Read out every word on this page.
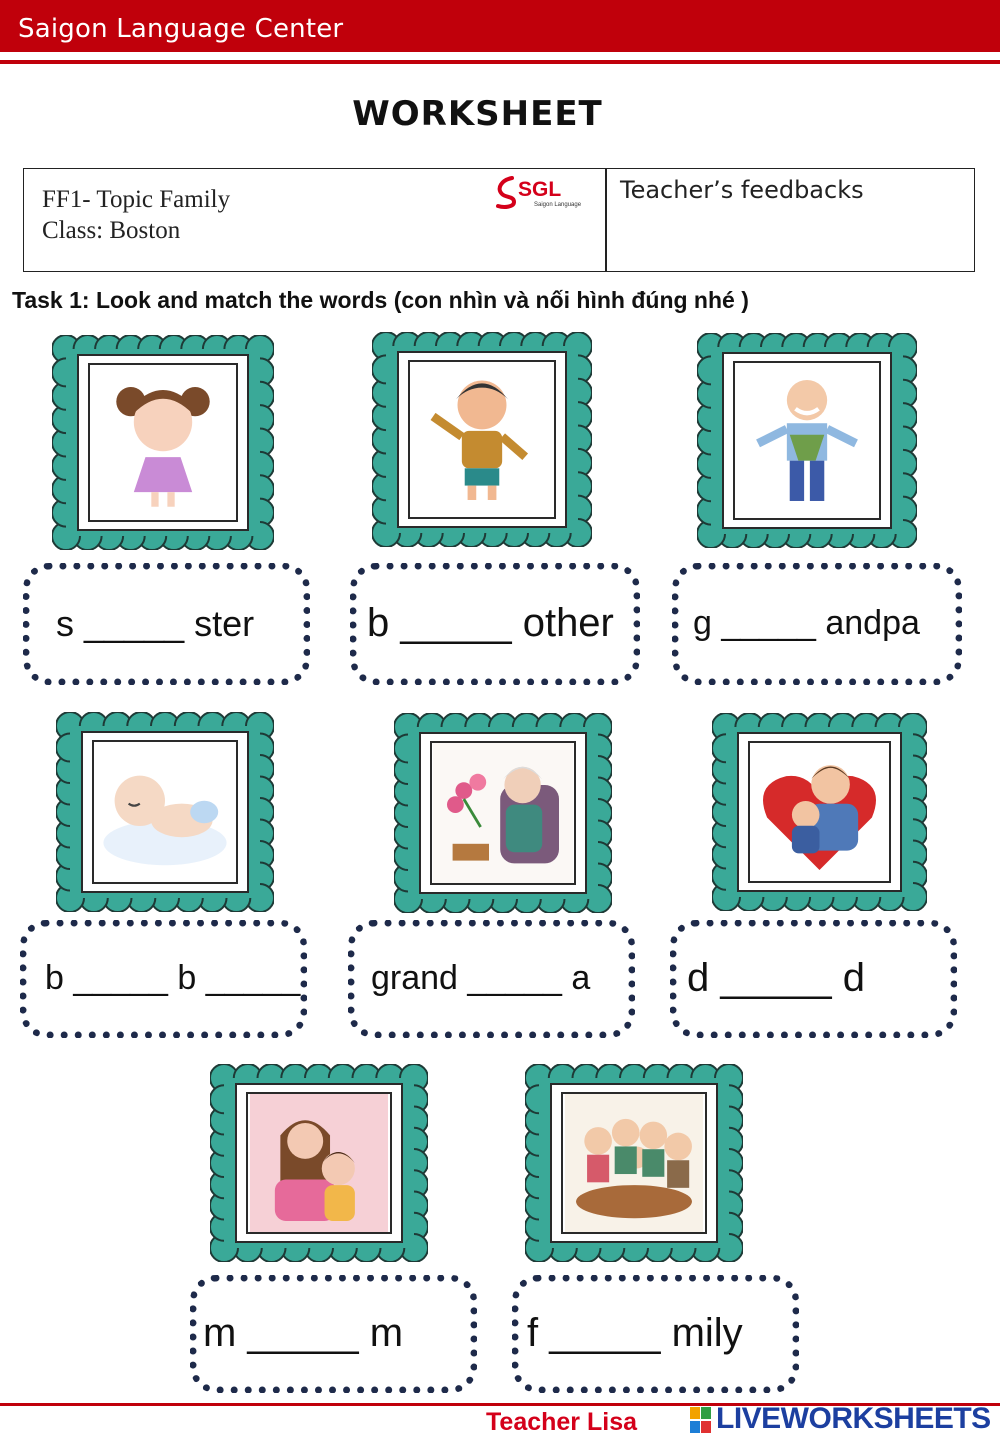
Saigon Language Center
WORKSHEET
FF1- Topic Family
Class: Boston
Teacher’s feedbacks
SGL
Saigon Language
Task 1: Look and match the words (con nhìn và nối hình đúng nhé )
s _____ ster	b _____ other g _____ andpa
b _____ b _____ grand _____ a d _____ d
m _____ m	f _____ mily
Teacher Lisa	LIVEWORKSHEETS
